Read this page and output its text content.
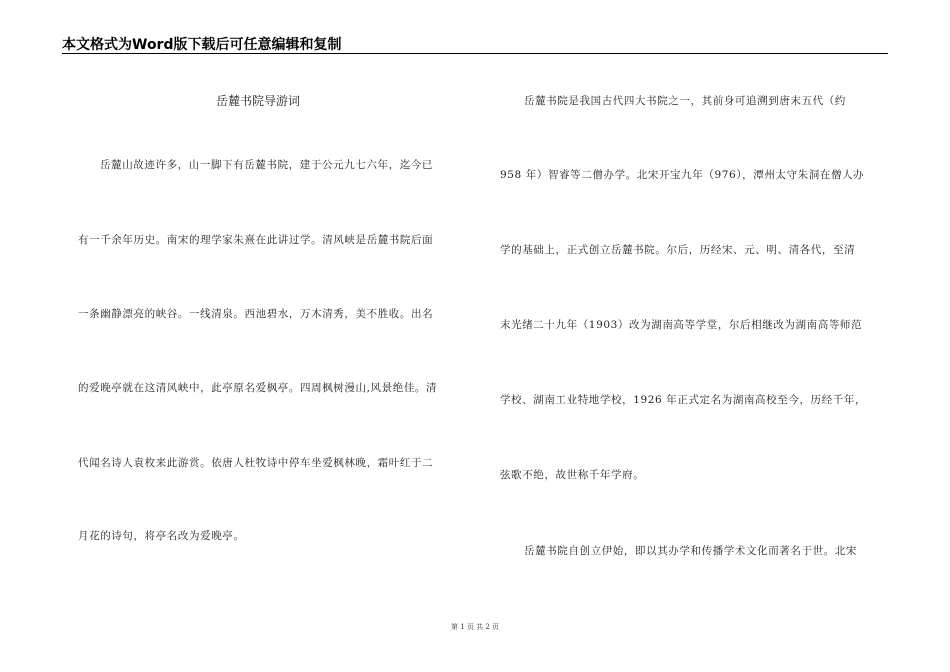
本文格式为Word版下载后可任意编辑和复制
岳麓书院导游词
岳麓山故迹许多，山一脚下有岳麓书院，建于公元九七六年，迄今已
有一千余年历史。南宋的理学家朱熹在此讲过学。清风峡是岳麓书院后面
一条幽静漂亮的峡谷。一线清泉。西池碧水，万木清秀，美不胜收。出名
的爱晚亭就在这清风峡中，此亭原名爱枫亭。四周枫树漫山,风景绝佳。清
代闻名诗人袁枚来此游赏。依唐人杜牧诗中停车坐爱枫林晚，霜叶红于二
月花的诗句，将亭名改为爱晚亭。
岳麓书院是我国古代四大书院之一，其前身可追溯到唐末五代（约
958 年）智睿等二僧办学。北宋开宝九年（976），潭州太守朱洞在僧人办
学的基础上，正式创立岳麓书院。尔后，历经宋、元、明、清各代，至清
末光绪二十九年（1903）改为湖南高等学堂，尔后相继改为湖南高等师范
学校、湖南工业特地学校，1926 年正式定名为湖南高校至今，历经千年，
弦歌不绝，故世称千年学府。
岳麓书院自创立伊始，即以其办学和传播学术文化而著名于世。北宋
第 1 页 共 2 页
